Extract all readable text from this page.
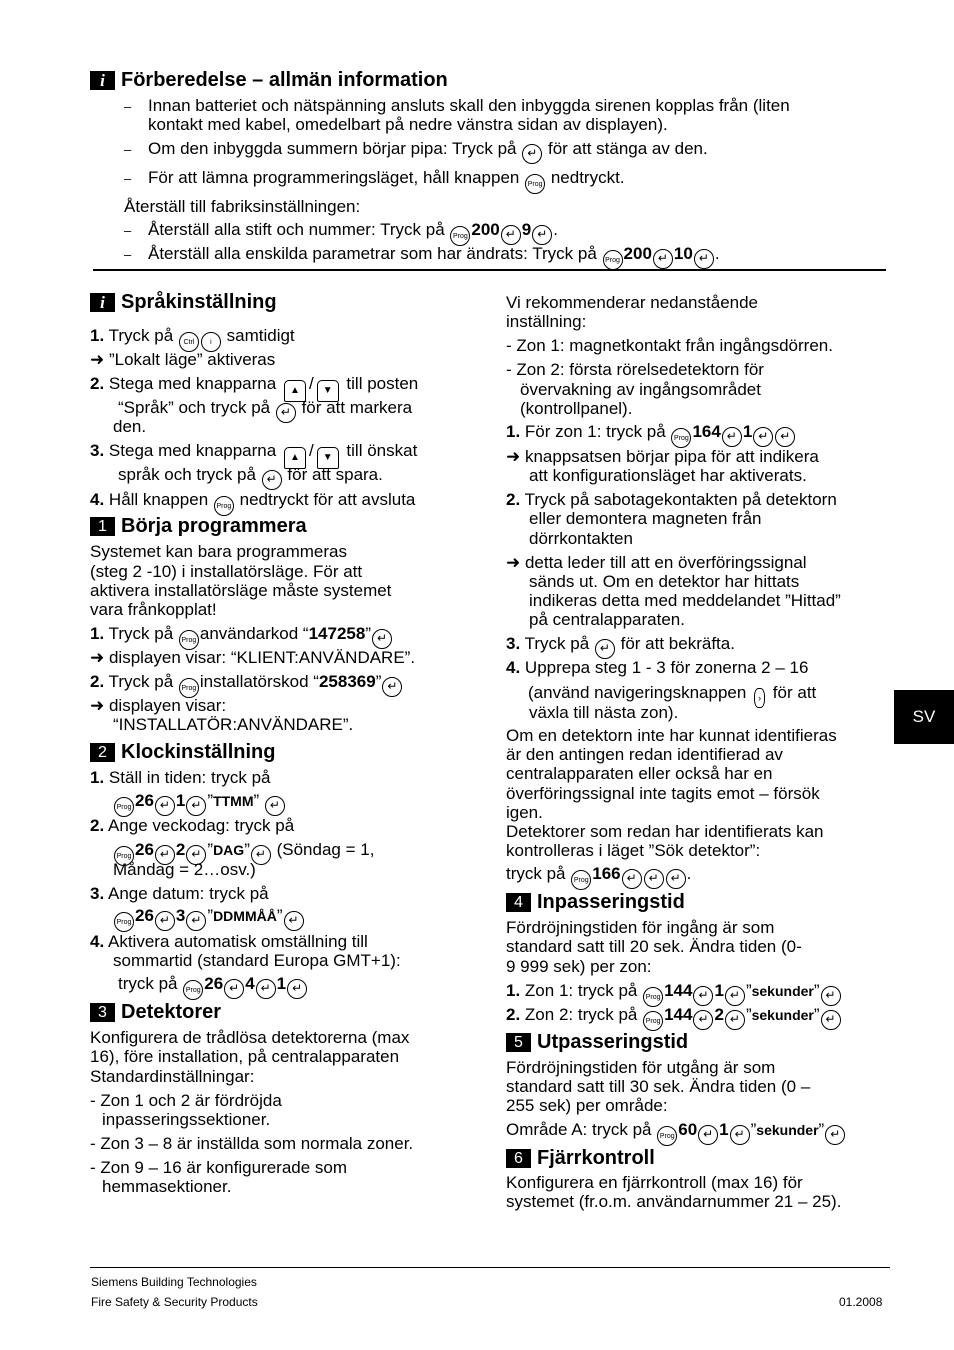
i Förberedelse – allmän information
– Innan batteriet och nätspänning ansluts skall den inbyggda sirenen kopplas från (liten
kontakt med kabel, omedelbart på nedre vänstra sidan av displayen).
– Om den inbyggda summern börjar pipa: Tryck på ↵ för att stänga av den.
– För att lämna programmeringsläget, håll knappen Prog nedtryckt.
Återställ till fabriksinställningen:
– Återställ alla stift och nummer: Tryck på Prog 200 ↵ 9 ↵ .
– Återställ alla enskilda parametrar som har ändrats: Tryck på Prog 200 ↵ 10 ↵ .
i Språkinställning
1. Tryck på Ctrl i samtidigt
➜ ”Lokalt läge” aktiveras
2. Stega med knapparna ▲ / ▼ till posten
“Språk” och tryck på ↵ för att markera
den.
3. Stega med knapparna ▲ / ▼ till önskat
språk och tryck på ↵ för att spara.
4. Håll knappen Prog nedtryckt för att avsluta
1 Börja programmera
Systemet kan bara programmeras
(steg 2 -10) i installatörsläge. För att
aktivera installatörsläge måste systemet
vara frånkopplat!
1. Tryck på Prog användarkod “147258” ↵
➜ displayen visar: “KLIENT:ANVÄNDARE”.
2. Tryck på Prog installatörskod “258369” ↵
➜ displayen visar:
“INSTALLATÖR:ANVÄNDARE”.
2 Klockinställning
1. Ställ in tiden: tryck på
Prog 26 ↵ 1 ↵ ”TTMM” ↵
2. Ange veckodag: tryck på
Prog 26 ↵ 2 ↵ ”DAG” ↵ (Söndag = 1,
Måndag = 2…osv.)
3. Ange datum: tryck på
Prog 26 ↵ 3 ↵ ”DDMMÅÅ” ↵
4. Aktivera automatisk omställning till
sommartid (standard Europa GMT+1):
tryck på Prog 26 ↵ 4 ↵ 1 ↵
3 Detektorer
Konfigurera de trådlösa detektorerna (max
16), före installation, på centralapparaten
Standardinställningar:
- Zon 1 och 2 är fördröjda
inpasseringssektioner.
- Zon 3 – 8 är inställda som normala zoner.
- Zon 9 – 16 är konfigurerade som
hemmasektioner.
Vi rekommenderar nedanstående
inställning:
- Zon 1: magnetkontakt från ingångsdörren.
- Zon 2: första rörelsedetektorn för
övervakning av ingångsområdet
(kontrollpanel).
1. För zon 1: tryck på Prog 164 ↵ 1 ↵ ↵
➜ knappsatsen börjar pipa för att indikera
att konfigurationsläget har aktiverats.
2. Tryck på sabotagekontakten på detektorn
eller demontera magneten från
dörrkontakten
➜ detta leder till att en överföringssignal
sänds ut. Om en detektor har hittats
indikeras detta med meddelandet ”Hittad”
på centralapparaten.
3. Tryck på ↵ för att bekräfta.
4. Upprepa steg 1 - 3 för zonerna 2 – 16
(använd navigeringsknappen › för att
växla till nästa zon).
Om en detektorn inte har kunnat identifieras
är den antingen redan identifierad av
centralapparaten eller också har en
överföringssignal inte tagits emot – försök
igen.
Detektorer som redan har identifierats kan
kontrolleras i läget ”Sök detektor”:
tryck på Prog 166 ↵ ↵ ↵ .
4 Inpasseringstid
Fördröjningstiden för ingång är som
standard satt till 20 sek. Ändra tiden (0-
9 999 sek) per zon:
1. Zon 1: tryck på Prog 144 ↵ 1 ↵ ”sekunder” ↵
2. Zon 2: tryck på Prog 144 ↵ 2 ↵ ”sekunder” ↵
5 Utpasseringstid
Fördröjningstiden för utgång är som
standard satt till 30 sek. Ändra tiden (0 –
255 sek) per område:
Område A: tryck på Prog 60 ↵ 1 ↵ ”sekunder” ↵
6 Fjärrkontroll
Konfigurera en fjärrkontroll (max 16) för
systemet (fr.o.m. användarnummer 21 – 25).
SV
Siemens Building Technologies
Fire Safety & Security Products	01.2008
